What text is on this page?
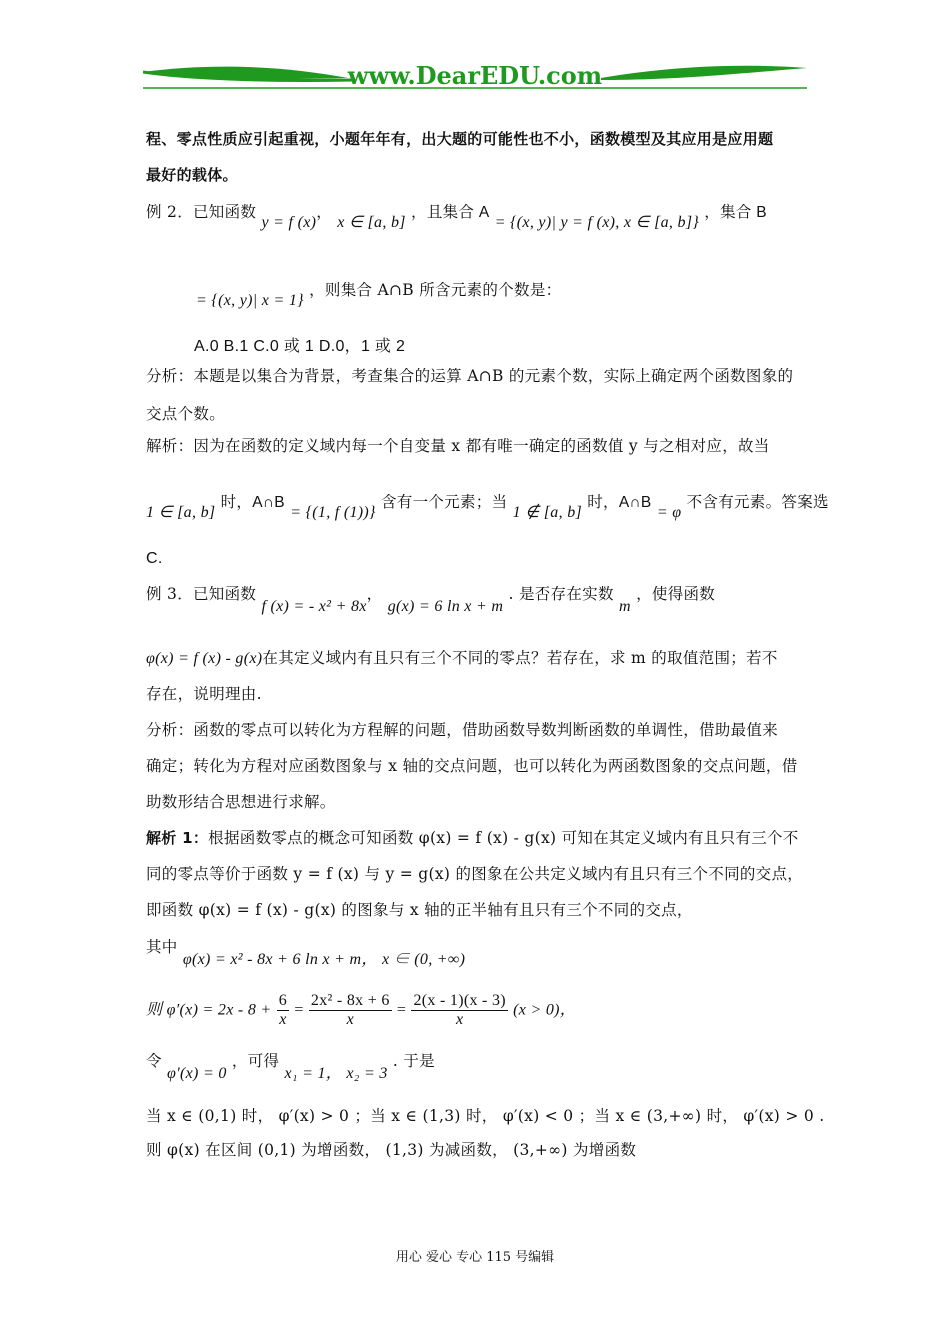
www.DearEDU.com
程、零点性质应引起重视，小题年年有，出大题的可能性也不小，函数模型及其应用是应用题
最好的载体。
例 2．已知函数 y = f (x)， x ∈ [a, b] ，且集合 A = {(x, y)| y = f (x), x ∈ [a, b]} ，集合 B
= {(x, y)| x = 1} ，则集合 A∩B 所含元素的个数是：
A.0 B.1 C.0 或 1 D.0，1 或 2
分析：本题是以集合为背景，考查集合的运算 A∩B 的元素个数，实际上确定两个函数图象的
交点个数。
解析：因为在函数的定义域内每一个自变量 x 都有唯一确定的函数值 y 与之相对应，故当
1 ∈ [a, b] 时，A∩B = {(1, f (1))} 含有一个元素；当 1 ∉ [a, b] 时，A∩B = φ 不含有元素。答案选
C.
例 3．已知函数 f (x) = - x² + 8x， g(x) = 6 ln x + m . 是否存在实数 m ，使得函数
φ(x) = f (x) - g(x)在其定义域内有且只有三个不同的零点？若存在，求 m 的取值范围；若不
存在，说明理由.
分析：函数的零点可以转化为方程解的问题，借助函数导数判断函数的单调性，借助最值来
确定；转化为方程对应函数图象与 x 轴的交点问题，也可以转化为两函数图象的交点问题，借
助数形结合思想进行求解。
解析 1：根据函数零点的概念可知函数 φ(x) = f (x) - g(x) 可知在其定义域内有且只有三个不
同的零点等价于函数 y = f (x) 与 y = g(x) 的图象在公共定义域内有且只有三个不同的交点，
即函数 φ(x) = f (x) - g(x) 的图象与 x 轴的正半轴有且只有三个不同的交点，
其中 φ(x) = x² - 8x + 6 ln x + m， x ∈ (0, +∞)
则 $\varphi'(x) = 2x - 8 + \frac{6}{x} = \frac{\text{2x² - 8x + 6}}{x} = \frac{2(x - 1)(x - 3)}{x} (x > 0)$，
令 φ′(x) = 0 ，可得 x₁ = 1， x₂ = 3 . 于是
当 x ∈ (0,1) 时， φ′(x) > 0 ；当 x ∈ (1,3) 时， φ′(x) < 0 ；当 x ∈ (3,+∞) 时， φ′(x) > 0 .
则 φ(x) 在区间 (0,1) 为增函数， (1,3) 为减函数， (3,+∞) 为增函数
用心 爱心 专心 115 号编辑
